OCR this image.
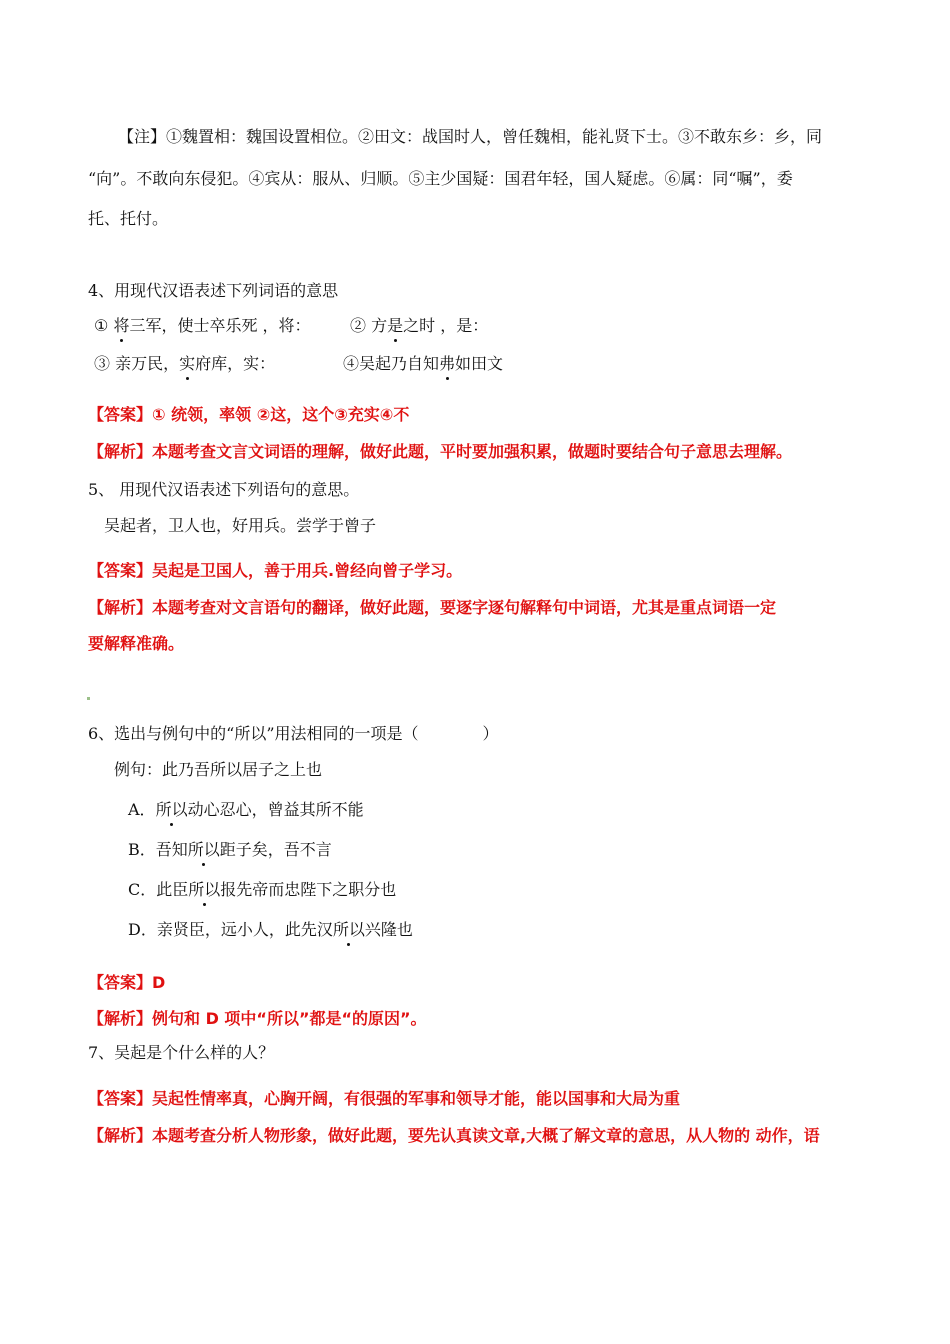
【注】①魏置相：魏国设置相位。②田文：战国时人，曾任魏相，能礼贤下士。③不敢东乡：乡，同
“向”。不敢向东侵犯。④宾从：服从、归顺。⑤主少国疑：国君年轻，国人疑虑。⑥属：同“嘱”，委
托、托付。
4、用现代汉语表述下列词语的意思
① 将三军，使士卒乐死 ，将： ② 方是之时 ，是：
③ 亲万民，实府库，实：	④吴起乃自知弗如田文
【答案】① 统领，率领 ②这，这个③充实④不
【解析】本题考查文言文词语的理解，做好此题，平时要加强积累，做题时要结合句子意思去理解。
5、 用现代汉语表述下列语句的意思。
吴起者，卫人也，好用兵。尝学于曾子
【答案】吴起是卫国人，善于用兵.曾经向曾子学习。
【解析】本题考查对文言语句的翻译，做好此题，要逐字逐句解释句中词语，尤其是重点词语一定
要解释准确。
6、选出与例句中的“所以”用法相同的一项是（　　　　）
例句：此乃吾所以居子之上也
A．所以动心忍心，曾益其所不能
B．吾知所以距子矣，吾不言
C．此臣所以报先帝而忠陛下之职分也
D．亲贤臣，远小人，此先汉所以兴隆也
【答案】D
【解析】例句和 D 项中“所以”都是“的原因”。
7、吴起是个什么样的人？
【答案】吴起性情率真，心胸开阔，有很强的军事和领导才能，能以国事和大局为重
【解析】本题考查分析人物形象，做好此题，要先认真读文章,大概了解文章的意思，从人物的 动作，语
